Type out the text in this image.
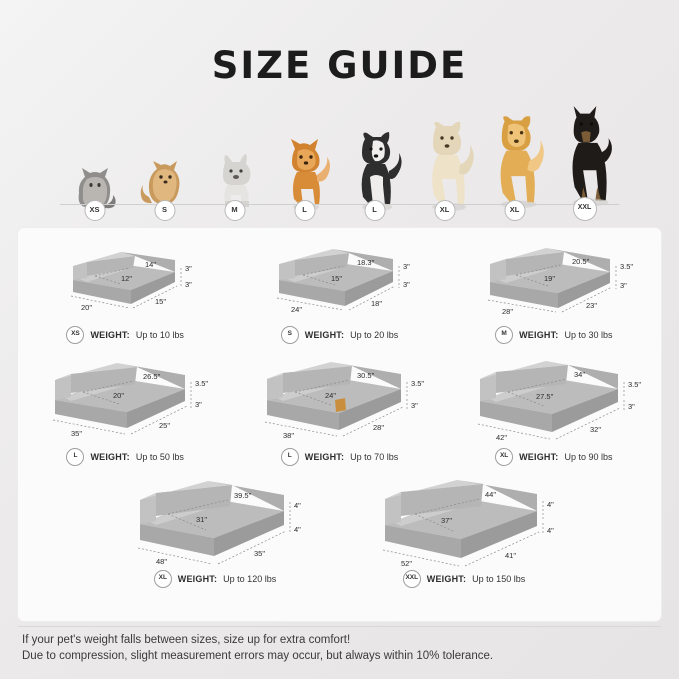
SIZE GUIDE
XS	S	M	L	L	XL	XL	XXL
14"
12"
20"
15"
3"
3"
XS	WEIGHT: Up to 10 lbs
18.3"
15"
24"
18"
3"
3"
S	WEIGHT: Up to 20 lbs
20.5"
19"
28"
23"
3.5"
3"
M	WEIGHT: Up to 30 lbs
26.5"
20"
35"
25"
3.5"
3"
L	WEIGHT: Up to 50 lbs
30.5"
24"
38"
28"
3.5"
3"
L	WEIGHT: Up to 70 lbs
34"
27.5"
42"
32"
3.5"
3"
XL	WEIGHT: Up to 90 lbs
39.5"
31"
48"
35"
4"
4"
XL	WEIGHT: Up to 120 lbs
44"
37"
52"
41"
4"
4"
XXL WEIGHT: Up to 150 lbs
If your pet's weight falls between sizes, size up for extra comfort!
Due to compression, slight measurement errors may occur, but always within 10% tolerance.
